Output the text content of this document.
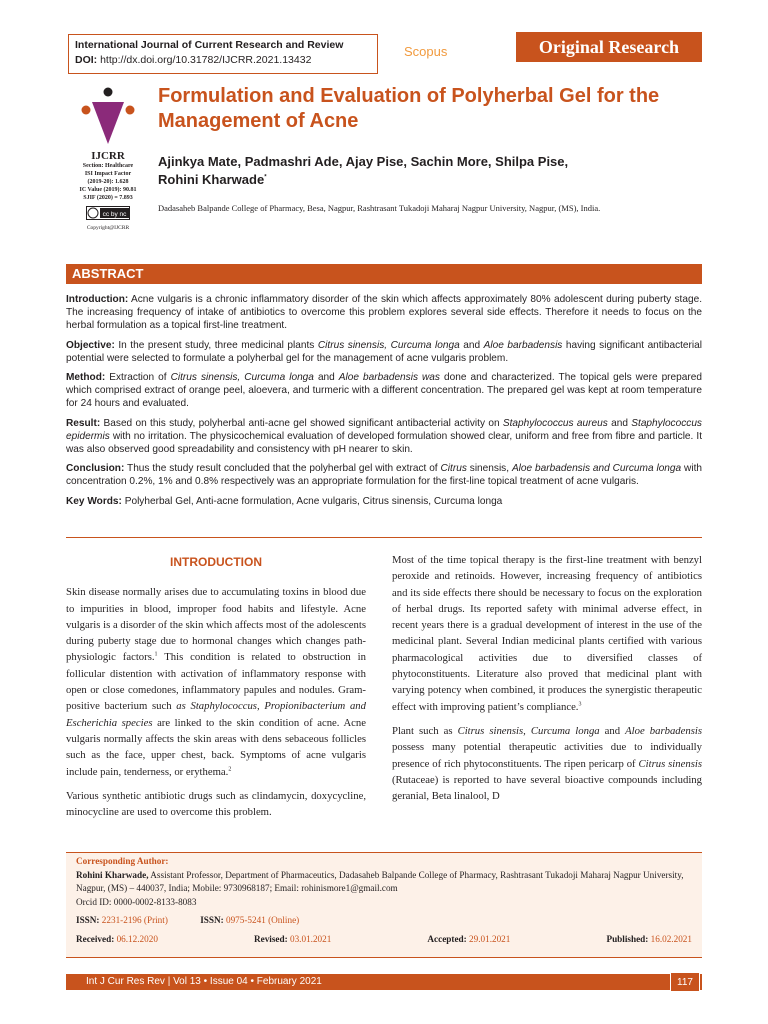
International Journal of Current Research and Review
DOI: http://dx.doi.org/10.31782/IJCRR.2021.13432
Scopus	Original Research
IJCRR
Section: Healthcare
ISI Impact Factor
(2019-20): 1.628
IC Value (2019): 90.81
SJIF (2020) = 7.893
cc by nc
Copyright@IJCRR
Formulation and Evaluation of Polyherbal Gel for the Management of Acne
Ajinkya Mate, Padmashri Ade, Ajay Pise, Sachin More, Shilpa Pise,
Rohini Kharwade*
Dadasaheb Balpande College of Pharmacy, Besa, Nagpur, Rashtrasant Tukadoji Maharaj Nagpur University, Nagpur, (MS), India.
ABSTRACT

Introduction: Acne vulgaris is a chronic inflammatory disorder of the skin which affects approximately 80% adolescent during puberty stage. The increasing frequency of intake of antibiotics to overcome this problem explores several side effects. Therefore it needs to focus on the herbal formulation as a topical first-line treatment.

Objective: In the present study, three medicinal plants Citrus sinensis, Curcuma longa and Aloe barbadensis having significant antibacterial potential were selected to formulate a polyherbal gel for the management of acne vulgaris problem.

Method: Extraction of Citrus sinensis, Curcuma longa and Aloe barbadensis was done and characterized. The topical gels were prepared which comprised extract of orange peel, aloevera, and turmeric with a different concentration. The prepared gel was kept at room temperature for 24 hours and evaluated.

Result: Based on this study, polyherbal anti-acne gel showed significant antibacterial activity on Staphylococcus aureus and Staphylococcus epidermis with no irritation. The physicochemical evaluation of developed formulation showed clear, uniform and free from fibre and particle. It was also observed good spreadability and consistency with pH nearer to skin.

Conclusion: Thus the study result concluded that the polyherbal gel with extract of Citrus sinensis, Aloe barbadensis and Curcuma longa with concentration 0.2%, 1% and 0.8% respectively was an appropriate formulation for the first-line topical treatment of acne vulgaris.

Key Words: Polyherbal Gel, Anti-acne formulation, Acne vulgaris, Citrus sinensis, Curcuma longa

INTRODUCTION

Skin disease normally arises due to accumulating toxins in blood due to impurities in blood, improper food habits and lifestyle. Acne vulgaris is a disorder of the skin which affects most of the adolescents during puberty stage due to hormonal changes which changes path-physiologic factors.$^1$ This condition is related to obstruction in follicular distention with activation of inflammatory response with open or close comedones, inflammatory papules and nodules. Gram-positive bacterium such as Staphylococcus, Propionibacterium and Escherichia species are linked to the skin condition of acne. Acne vulgaris normally affects the skin areas with dens sebaceous follicles such as the face, upper chest, back. Symptoms of acne vulgaris include pain, tenderness, or erythema.$^2$

Various synthetic antibiotic drugs such as clindamycin, doxycycline, minocycline are used to overcome this problem.

Most of the time topical therapy is the first-line treatment with benzyl peroxide and retinoids. However, increasing frequency of antibiotics and its side effects there should be necessary to focus on the exploration of herbal drugs. Its reported safety with minimal adverse effect, in recent years there is a gradual development of interest in the use of the medicinal plant. Several Indian medicinal plants certified with various pharmacological activities due to diversified classes of phytoconstituents. Literature also proved that medicinal plant with varying potency when combined, it produces the synergistic therapeutic effect with improving patient’s compliance.$^3$

Plant such as Citrus sinensis, Curcuma longa and Aloe barbadensis possess many potential therapeutic activities due to individually presence of rich phytoconstituents. The ripen pericarp of Citrus sinensis (Rutaceae) is reported to have several bioactive compounds including geranial, Beta linalool, D

Corresponding Author:
Rohini Kharwade, Assistant Professor, Department of Pharmaceutics, Dadasaheb Balpande College of Pharmacy, Rashtrasant Tukadoji Maharaj Nagpur University, Nagpur, (MS) – 440037, India; Mobile: 9730968187; Email: rohinismore1@gmail.com
Orcid ID: 0000-0002-8133-8083
ISSN: 2231-2196 (Print)	ISSN: 0975-5241 (Online)
Received: 06.12.2020	Revised: 03.01.2021	Accepted: 29.01.2021	Published: 16.02.2021
Int J Cur Res Rev | Vol 13 • Issue 04 • February 2021	117
